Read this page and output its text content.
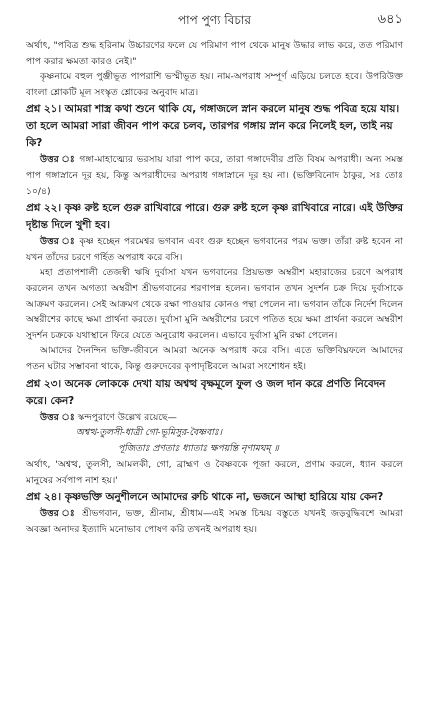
পাপ পুণ্য বিচার	৬৪১

অর্থাৎ, "পবিত্র শুদ্ধ হরিনাম উচ্চারণের ফলে যে পরিমাণ পাপ থেকে মানুষ উদ্ধার লাভ করে, তত পরিমাণ পাপ করার ক্ষমতা কারও নেই।"

কৃষ্ণনামে বহুল পুঞ্জীভূত পাপরাশি ভস্মীভূত হয়। নাম-অপরাধ সম্পূর্ণ এড়িয়ে চলতে হবে। উপরিউক্ত বাংলা শ্লোকটি মূল সংস্কৃত শ্লোকের অনুবাদ মাত্র।

প্রশ্ন ২১। আমরা শাস্ত্র কথা শুনে থাকি যে, গঙ্গাজলে স্নান করলে মানুষ শুদ্ধ পবিত্র হয়ে যায়। তা হলে আমরা সারা জীবন পাপ করে চলব, তারপর গঙ্গায় স্নান করে নিলেই হল, তাই নয় কি?

উত্তর ঃ গঙ্গা-মাহাত্ম্যের ভরসায় যারা পাপ করে, তারা গঙ্গাদেবীর প্রতি বিষম অপরাধী। অন্য সমস্ত পাপ গঙ্গাস্নানে দূর হয়, কিন্তু অপরাধীদের অপরাধ গঙ্গাস্নানে দূর হয় না। (ভক্তিবিনোদ ঠাকুর, সঃ তোঃ ১০/৪)

প্রশ্ন ২২। কৃষ্ণ রুষ্ট হলে গুরু রাখিবারে পারে। গুরু রুষ্ট হলে কৃষ্ণ রাখিবারে নারে। এই উক্তির দৃষ্টান্ত দিলে খুশী হব।

উত্তর ঃ কৃষ্ণ হচ্ছেন পরমেশ্বর ভগবান এবং গুরু হচ্ছেন ভগবানের পরম ভক্ত। তাঁরা রুষ্ট হবেন না যখন তাঁদের চরণে গর্হিত অপরাধ করে বসি।

মহা প্রতাপশালী তেজস্বী ঋষি দুর্বাসা যখন ভগবানের প্রিয়ভক্ত অম্বরীশ মহারাজের চরণে অপরাধ করলেন তখন অগত্যা অম্বরীশ শ্রীভগবানের শরণাপন্ন হলেন। ভগবান তখন সুদর্শন চক্র দিয়ে দুর্বাসাকে আক্রমণ করলেন। সেই আক্রমণ থেকে রক্ষা পাওয়ার কোনও পন্থা পেলেন না। ভগবান তাঁকে নির্দেশ দিলেন অম্বরীশের কাছে ক্ষমা প্রার্থনা করতে। দুর্বাসা মুনি অম্বরীশের চরণে পতিত হয়ে ক্ষমা প্রার্থনা করলে অম্বরীশ সুদর্শন চক্রকে যথাস্থানে ফিরে যেতে অনুরোধ করলেন। এভাবে দুর্বাসা মুনি রক্ষা পেলেন।

আমাদের দৈনন্দিন ভক্তি-জীবনে আমরা অনেক অপরাধ করে বসি। এতে ভক্তিবিঘ্নফলে আমাদের পতন ঘটার সম্ভাবনা থাকে, কিন্তু গুরুদেবের কৃপাদৃষ্টিবলে আমরা সংশোধন হই।

প্রশ্ন ২৩। অনেক লোককে দেখা যায় অশ্বত্থ বৃক্ষমূলে ফুল ও জল দান করে প্রণতি নিবেদন করে। কেন?

উত্তর ঃ স্কন্দপুরাণে উল্লেখ রয়েছে—

অশ্বত্থ-তুলসী-ধাত্রী গো-ভূমিসুর-বৈষ্ণবাঃ।

পূজিতাঃ প্রণতাঃ ধ্যাতাঃ ক্ষপয়ন্তি নৃণামঘম্ ॥

অর্থাৎ, 'অশ্বত্থ, তুলসী, আমলকী, গো, ব্রাহ্মণ ও বৈষ্ণবকে পূজা করলে, প্রণাম করলে, ধ্যান করলে মানুষের সর্বপাপ নাশ হয়।'

প্রশ্ন ২৪। কৃষ্ণভক্তি অনুশীলনে আমাদের রুচি থাকে না, ভজনে আস্থা হারিয়ে যায় কেন?

উত্তর ঃ শ্রীভগবান, ভক্ত, শ্রীনাম, শ্রীধাম—এই সমস্ত চিন্ময় বস্তুতে যখনই জড়বুদ্ধিবশে আমরা অবজ্ঞা অনাদর ইত্যাদি মনোভাব পোষণ করি তখনই অপরাধ হয়।
